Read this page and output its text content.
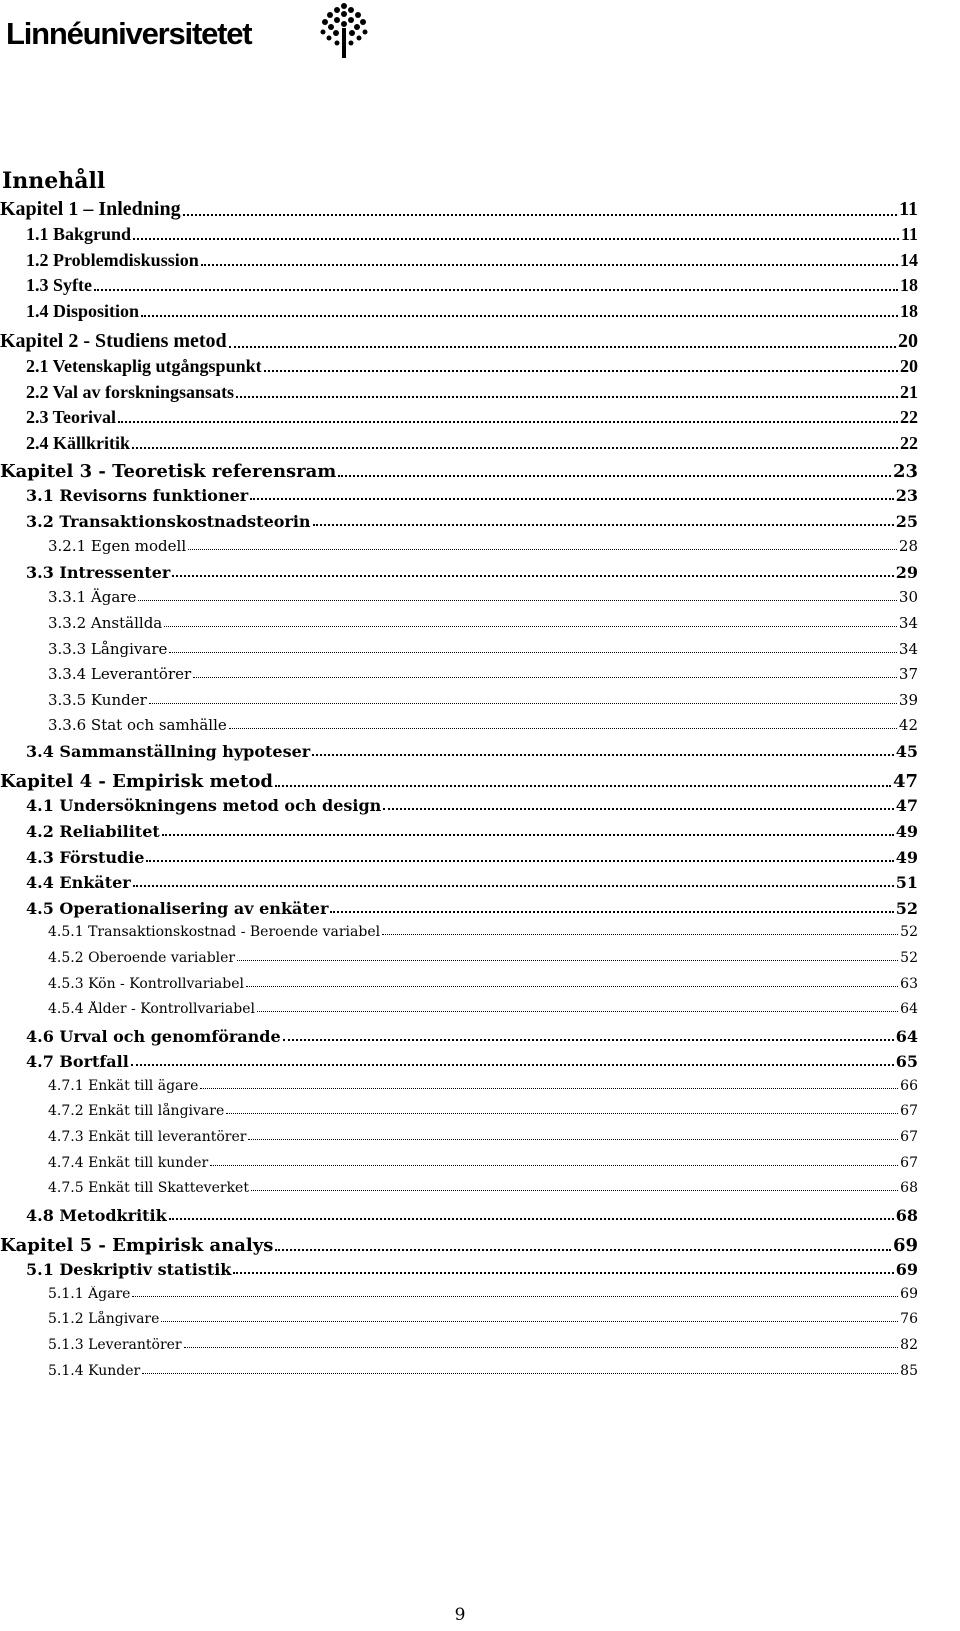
Linnéuniversitetet
Innehåll
Kapitel 1 – Inledning	11
1.1 Bakgrund	11
1.2 Problemdiskussion	14
1.3 Syfte	18
1.4 Disposition	18
Kapitel 2 - Studiens metod	20
2.1 Vetenskaplig utgångspunkt	20
2.2 Val av forskningsansats	21
2.3 Teorival	22
2.4 Källkritik	22
Kapitel 3 - Teoretisk referensram	23
3.1 Revisorns funktioner	23
3.2 Transaktionskostnadsteorin	25
3.2.1 Egen modell	28
3.3 Intressenter	29
3.3.1 Ägare	30
3.3.2 Anställda	34
3.3.3 Långivare	34
3.3.4 Leverantörer	37
3.3.5 Kunder	39
3.3.6 Stat och samhälle	42
3.4 Sammanställning hypoteser	45
Kapitel 4 - Empirisk metod	47
4.1 Undersökningens metod och design	47
4.2 Reliabilitet	49
4.3 Förstudie	49
4.4 Enkäter	51
4.5 Operationalisering av enkäter	52
4.5.1 Transaktionskostnad - Beroende variabel	52
4.5.2 Oberoende variabler	52
4.5.3 Kön - Kontrollvariabel	63
4.5.4 Ålder - Kontrollvariabel	64
4.6 Urval och genomförande	64
4.7 Bortfall	65
4.7.1 Enkät till ägare	66
4.7.2 Enkät till långivare	67
4.7.3 Enkät till leverantörer	67
4.7.4 Enkät till kunder	67
4.7.5 Enkät till Skatteverket	68
4.8 Metodkritik	68
Kapitel 5 - Empirisk analys	69
5.1 Deskriptiv statistik	69
5.1.1 Ägare	69
5.1.2 Långivare	76
5.1.3 Leverantörer	82
5.1.4 Kunder	85
9
